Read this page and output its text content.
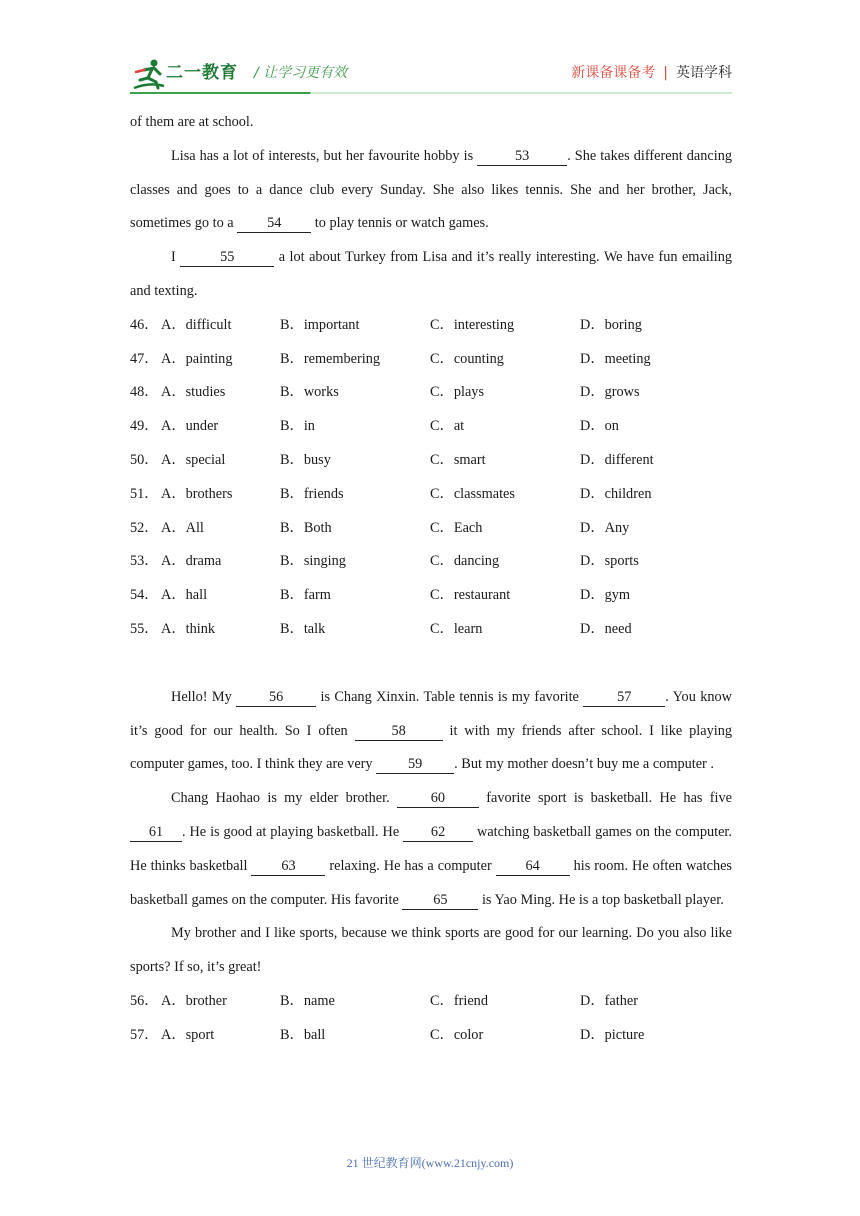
二一教育 / 让学习更有效	新课备课备考 | 英语学科

of them are at school.

Lisa has a lot of interests, but her favourite hobby is	53	. She takes different dancing classes and goes to a dance club every Sunday. She also likes tennis. She and her brother, Jack, sometimes go to a 54 to play tennis or watch games.

I	55	a lot about Turkey from Lisa and it’s really interesting. We have fun emailing and texting.

46． A．difficult	B．important	C．interesting	D．boring
47． A．painting	B．remembering	C．counting	D．meeting
48． A．studies	B．works	C．plays	D．grows
49． A．under	B．in	C．at	D．on
50． A．special	B．busy	C．smart	D．different
51． A．brothers	B．friends	C．classmates	D．children
52． A．All	B．Both	C．Each	D．Any
53． A．drama	B．singing	C．dancing	D．sports
54． A．hall	B．farm	C．restaurant	D．gym
55． A．think	B．talk	C．learn	D．need

Hello! My 56 is Chang Xinxin. Table tennis is my favorite 57 . You know it’s good for our health. So I often	58	it with my friends after school. I like playing computer games, too. I think they are very 59 . But my mother doesn’t buy me a computer .

Chang Haohao is my elder brother. 60 favorite sport is basketball. He has five 61 . He is good at playing basketball. He 62 watching basketball games on the computer. He thinks basketball 63 relaxing. He has a computer 64 his room. He often watches basketball games on the computer. His favorite 65 is Yao Ming. He is a top basketball player.

My brother and I like sports, because we think sports are good for our learning. Do you also like sports? If so, it’s great!

56． A．brother	B．name	C．friend	D．father
57． A．sport	B．ball	C．color	D．picture
21 世纪教育网(www.21cnjy.com)
